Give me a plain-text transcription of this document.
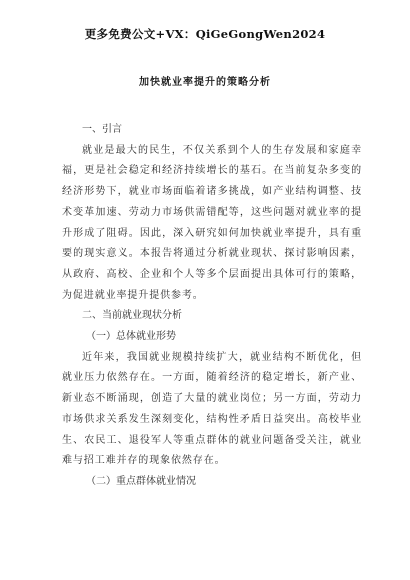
更多免费公文+VX：QiGeGongWen2024
加快就业率提升的策略分析

一、引言

就业是最大的民生，不仅关系到个人的生存发展和家庭幸福，更是社会稳定和经济持续增长的基石。在当前复杂多变的经济形势下，就业市场面临着诸多挑战，如产业结构调整、技术变革加速、劳动力市场供需错配等，这些问题对就业率的提升形成了阻碍。因此，深入研究如何加快就业率提升，具有重要的现实意义。本报告将通过分析就业现状、探讨影响因素，从政府、高校、企业和个人等多个层面提出具体可行的策略，为促进就业率提升提供参考。

二、当前就业现状分析

（一）总体就业形势

近年来，我国就业规模持续扩大，就业结构不断优化，但就业压力依然存在。一方面，随着经济的稳定增长，新产业、新业态不断涌现，创造了大量的就业岗位；另一方面，劳动力市场供求关系发生深刻变化，结构性矛盾日益突出。高校毕业生、农民工、退役军人等重点群体的就业问题备受关注，就业难与招工难并存的现象依然存在。

（二）重点群体就业情况
